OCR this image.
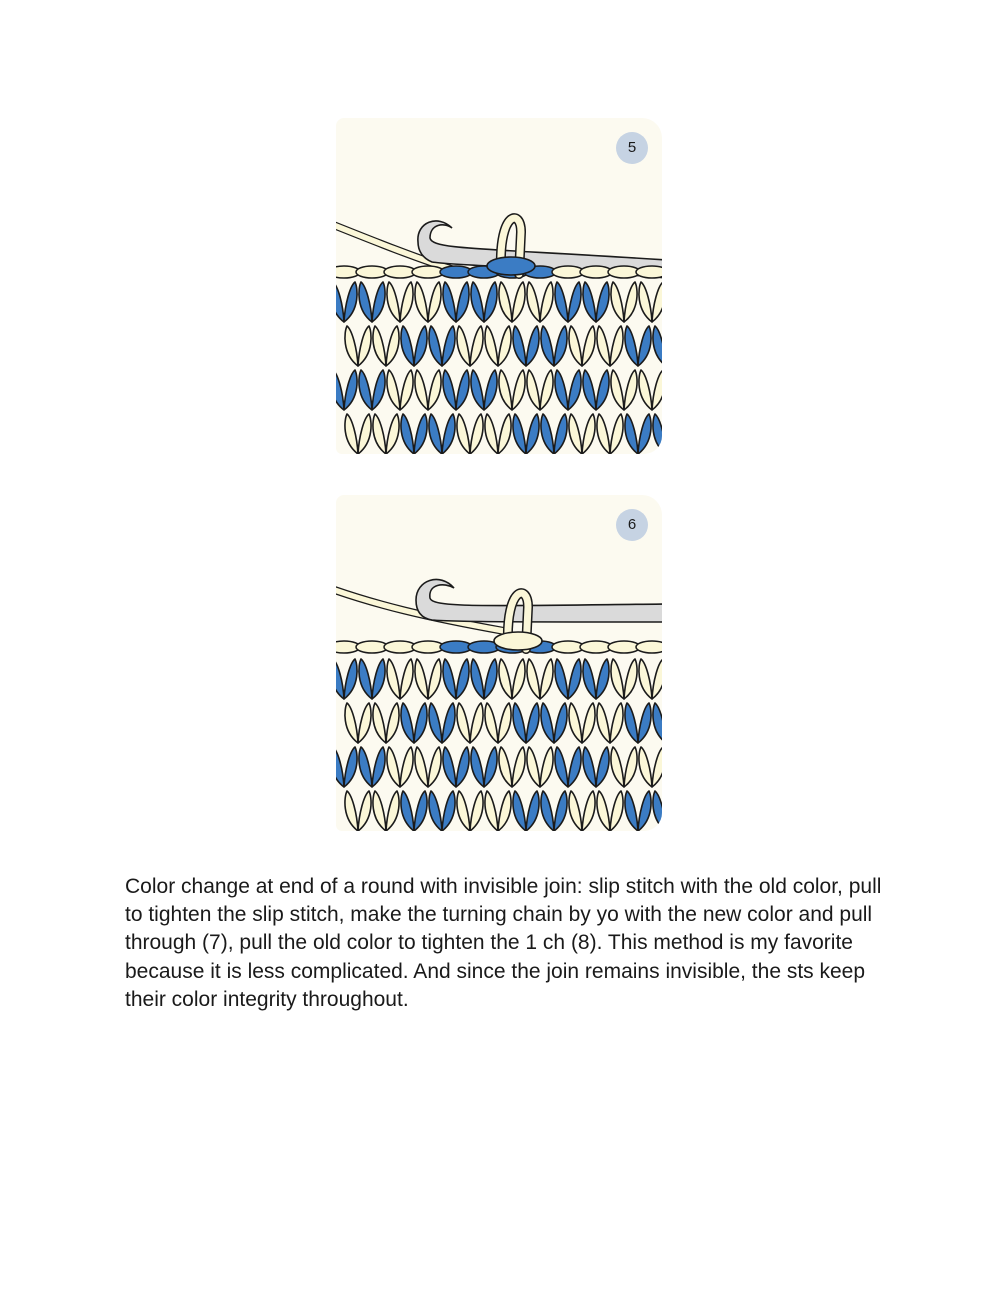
5
6

Color change at end of a round with invisible join: slip stitch with the old color, pull to tighten the slip stitch, make the turning chain by yo with the new color and pull through (7), pull the old color to tighten the 1 ch (8). This method is my favorite because it is less complicated. And since the join remains invisible, the sts keep their color integrity throughout.
